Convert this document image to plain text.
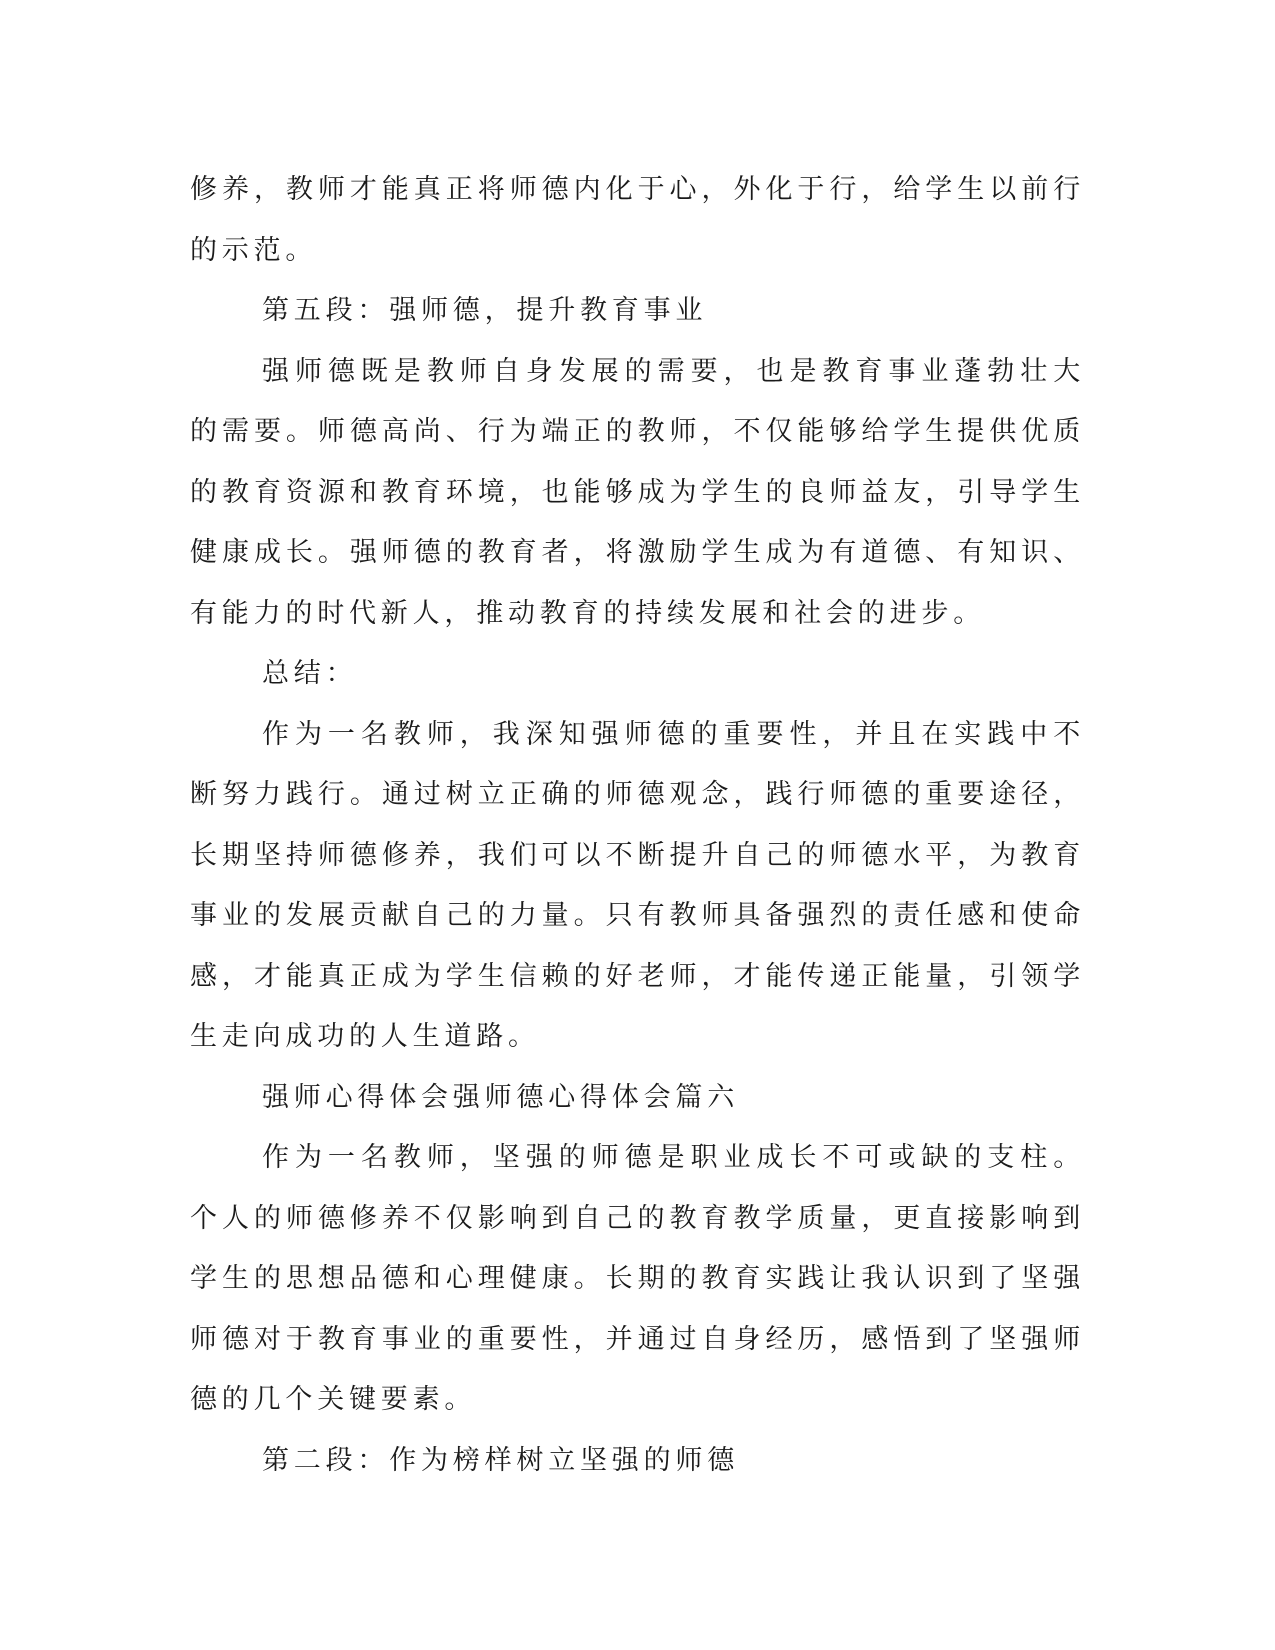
修养，教师才能真正将师德内化于心，外化于行，给学生以前行的示范。

第五段：强师德，提升教育事业

强师德既是教师自身发展的需要，也是教育事业蓬勃壮大的需要。师德高尚、行为端正的教师，不仅能够给学生提供优质的教育资源和教育环境，也能够成为学生的良师益友，引导学生健康成长。强师德的教育者，将激励学生成为有道德、有知识、有能力的时代新人，推动教育的持续发展和社会的进步。

总结：

作为一名教师，我深知强师德的重要性，并且在实践中不断努力践行。通过树立正确的师德观念，践行师德的重要途径，长期坚持师德修养，我们可以不断提升自己的师德水平，为教育事业的发展贡献自己的力量。只有教师具备强烈的责任感和使命感，才能真正成为学生信赖的好老师，才能传递正能量，引领学生走向成功的人生道路。

强师心得体会强师德心得体会篇六

作为一名教师，坚强的师德是职业成长不可或缺的支柱。个人的师德修养不仅影响到自己的教育教学质量，更直接影响到学生的思想品德和心理健康。长期的教育实践让我认识到了坚强师德对于教育事业的重要性，并通过自身经历，感悟到了坚强师德的几个关键要素。

第二段：作为榜样树立坚强的师德
